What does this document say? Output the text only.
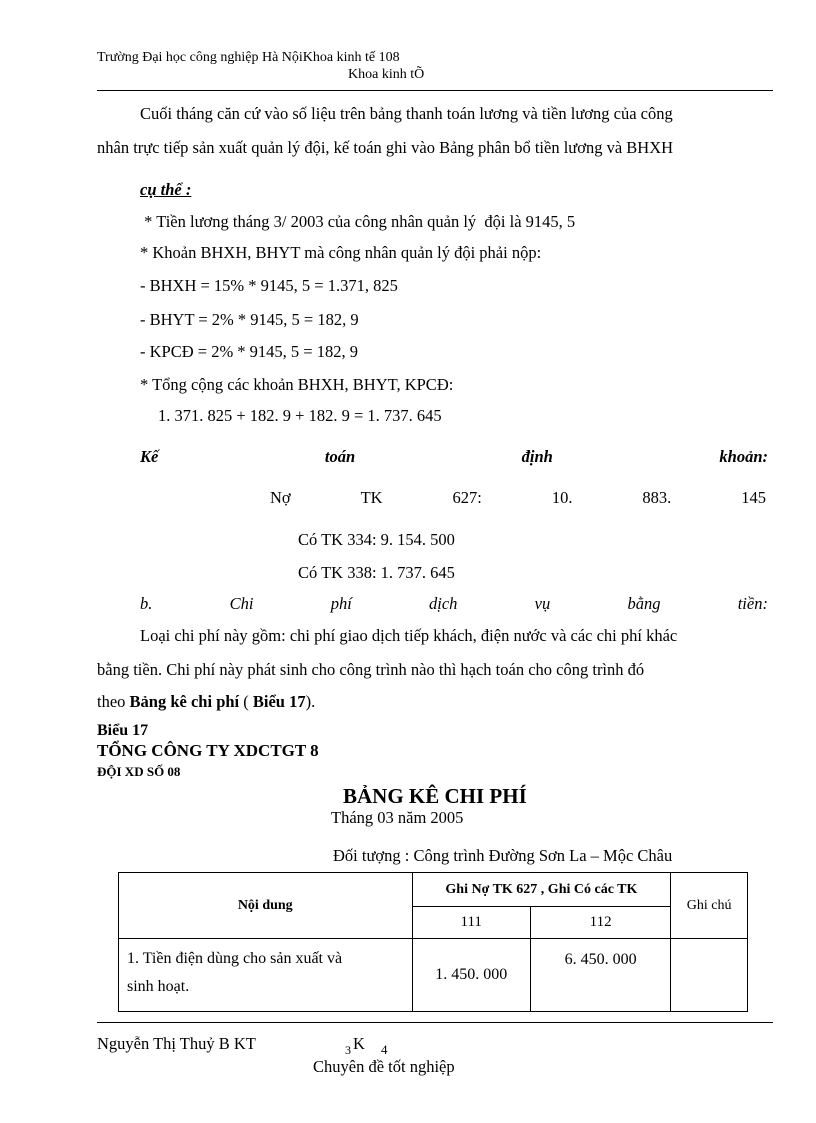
Trường Đại học công nghiệp Hà NộiKhoa kinh tế 108
Khoa kinh tÕ
Cuối tháng căn cứ vào số liệu trên bảng thanh toán lương và tiền lương của công
nhân trực tiếp sản xuất quản lý đội, kế toán ghi vào Bảng phân bổ tiền lương và BHXH
cụ thể :
* Tiền lương tháng 3/ 2003 của công nhân quản lý  đội là 9145, 5
* Khoản BHXH, BHYT mà công nhân quản lý đội phải nộp:
- BHXH = 15% * 9145, 5 = 1.371, 825
- BHYT = 2% * 9145, 5 = 182, 9
- KPCĐ = 2% * 9145, 5 = 182, 9
* Tổng cộng các khoản BHXH, BHYT, KPCĐ:
1. 371. 825 + 182. 9 + 182. 9 = 1. 737. 645
Kế	toán	định	khoản:
Nợ	TK	627:	10.	883.	145
Có TK 334: 9. 154. 500
Có TK 338: 1. 737. 645
b.	Chi	phí	dịch	vụ	bằng	tiền:
Loại chi phí này gồm: chi phí giao dịch tiếp khách, điện nước và các chi phí khác
bằng tiền. Chi phí này phát sinh cho công trình nào thì hạch toán cho công trình đó
theo Bảng kê chi phí ( Biểu 17).
Biểu 17
TỔNG CÔNG TY XDCTGT 8
ĐỘI XD SỐ 08
BẢNG KÊ CHI PHÍ
Tháng 03 năm 2005
Đối tượng : Công trình Đường Sơn La – Mộc Châu
Nội dung	Ghi Nợ TK 627 , Ghi Có các TK		Ghi chú
	111	112	

1. Tiền điện dùng cho sản xuất và
sinh hoạt.	1. 450. 000	6. 450. 000	
Nguyễn Thị Thuỷ B KT	3 K 4
Chuyên đề tốt nghiệp
